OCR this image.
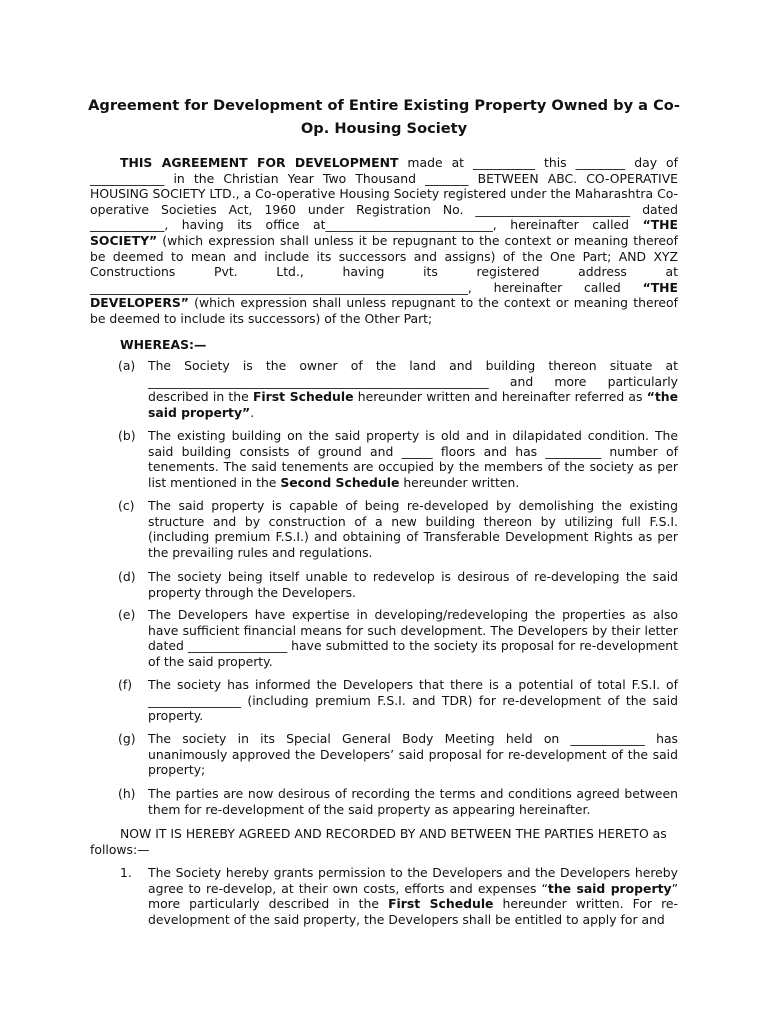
Agreement for Development of Entire Existing Property Owned by a Co-Op. Housing Society

THIS AGREEMENT FOR DEVELOPMENT made at __________ this ________ day of ____________ in the Christian Year Two Thousand _______ BETWEEN ABC. CO-OPERATIVE HOUSING SOCIETY LTD., a Co-operative Housing Society registered under the Maharashtra Co-operative Societies Act, 1960 under Registration No. _________________________ dated ____________, having its office at___________________________, hereinafter called “THE SOCIETY” (which expression shall unless it be repugnant to the context or meaning thereof be deemed to mean and include its successors and assigns) of the One Part; AND XYZ Constructions Pvt. Ltd., having its registered address at _____________________________________________________________, hereinafter called “THE DEVELOPERS” (which expression shall unless repugnant to the context or meaning thereof be deemed to include its successors) of the Other Part;

WHEREAS:—

(a)	The Society is the owner of the land and building thereon situate at _______________________________________________________ and more particularly described in the First Schedule hereunder written and hereinafter referred as “the said property”.
(b)	The existing building on the said property is old and in dilapidated condition. The said building consists of ground and _____ floors and has _________ number of tenements. The said tenements are occupied by the members of the society as per list mentioned in the Second Schedule hereunder written.
(c)	The said property is capable of being re-developed by demolishing the existing structure and by construction of a new building thereon by utilizing full F.S.I. (including premium F.S.I.) and obtaining of Transferable Development Rights as per the prevailing rules and regulations.
(d)	The society being itself unable to redevelop is desirous of re-developing the said property through the Developers.
(e)	The Developers have expertise in developing/redeveloping the properties as also have sufficient financial means for such development. The Developers by their letter dated ________________ have submitted to the society its proposal for re-development of the said property.
(f)	The society has informed the Developers that there is a potential of total F.S.I. of _______________ (including premium F.S.I. and TDR) for re-development of the said property.
(g)	The society in its Special General Body Meeting held on ____________ has unanimously approved the Developers’ said proposal for re-development of the said property;
(h)	The parties are now desirous of recording the terms and conditions agreed between them for re-development of the said property as appearing hereinafter.

NOW IT IS HEREBY AGREED AND RECORDED BY AND BETWEEN THE PARTIES HERETO as follows:—

1. The Society hereby grants permission to the Developers and the Developers hereby agree to re-develop, at their own costs, efforts and expenses “the said property” more particularly described in the First Schedule hereunder written. For re-development of the said property, the Developers shall be entitled to apply for and
